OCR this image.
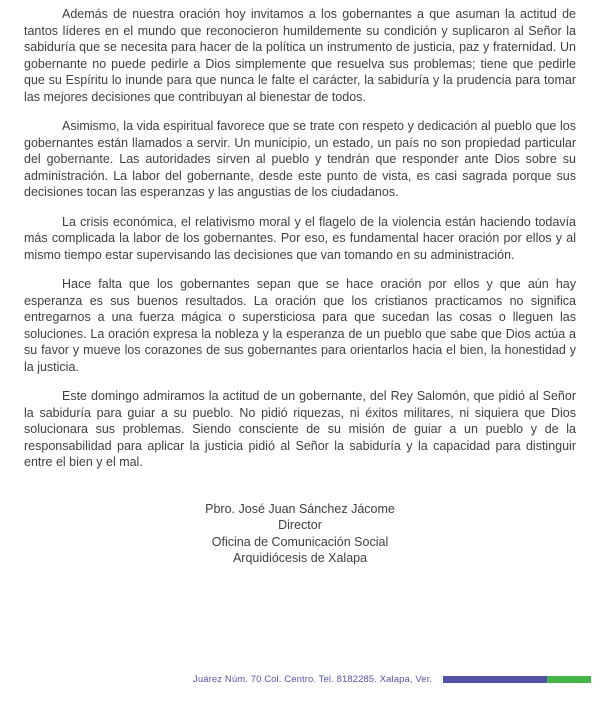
Además de nuestra oración hoy invitamos a los gobernantes a que asuman la actitud de tantos líderes en el mundo que reconocieron humildemente su condición y suplicaron al Señor la sabiduría que se necesita para hacer de la política un instrumento de justicia, paz y fraternidad. Un gobernante no puede pedirle a Dios simplemente que resuelva sus problemas; tiene que pedirle que su Espíritu lo inunde para que nunca le falte el carácter, la sabiduría y la prudencia para tomar las mejores decisiones que contribuyan al bienestar de todos.

Asimismo, la vida espiritual favorece que se trate con respeto y dedicación al pueblo que los gobernantes están llamados a servir. Un municipio, un estado, un país no son propiedad particular del gobernante. Las autoridades sirven al pueblo y tendrán que responder ante Dios sobre su administración. La labor del gobernante, desde este punto de vista, es casi sagrada porque sus decisiones tocan las esperanzas y las angustias de los ciudadanos.

La crisis económica, el relativismo moral y el flagelo de la violencia están haciendo todavía más complicada la labor de los gobernantes. Por eso, es fundamental hacer oración por ellos y al mismo tiempo estar supervisando las decisiones que van tomando en su administración.

Hace falta que los gobernantes sepan que se hace oración por ellos y que aún hay esperanza es sus buenos resultados. La oración que los cristianos practicamos no significa entregarnos a una fuerza mágica o supersticiosa para que sucedan las cosas o lleguen las soluciones. La oración expresa la nobleza y la esperanza de un pueblo que sabe que Dios actúa a su favor y mueve los corazones de sus gobernantes para orientarlos hacia el bien, la honestidad y la justicia.

Este domingo admiramos la actitud de un gobernante, del Rey Salomón, que pidió al Señor la sabiduría para guiar a su pueblo. No pidió riquezas, ni éxitos militares, ni siquiera que Dios solucionara sus problemas. Siendo consciente de su misión de guiar a un pueblo y de la responsabilidad para aplicar la justicia pidió al Señor la sabiduría y la capacidad para distinguir entre el bien y el mal.

Pbro. José Juan Sánchez Jácome
Director
Oficina de Comunicación Social
Arquidiócesis de Xalapa
Juárez Núm. 70 Col. Centro. Tel. 8182285. Xalapa, Ver.
